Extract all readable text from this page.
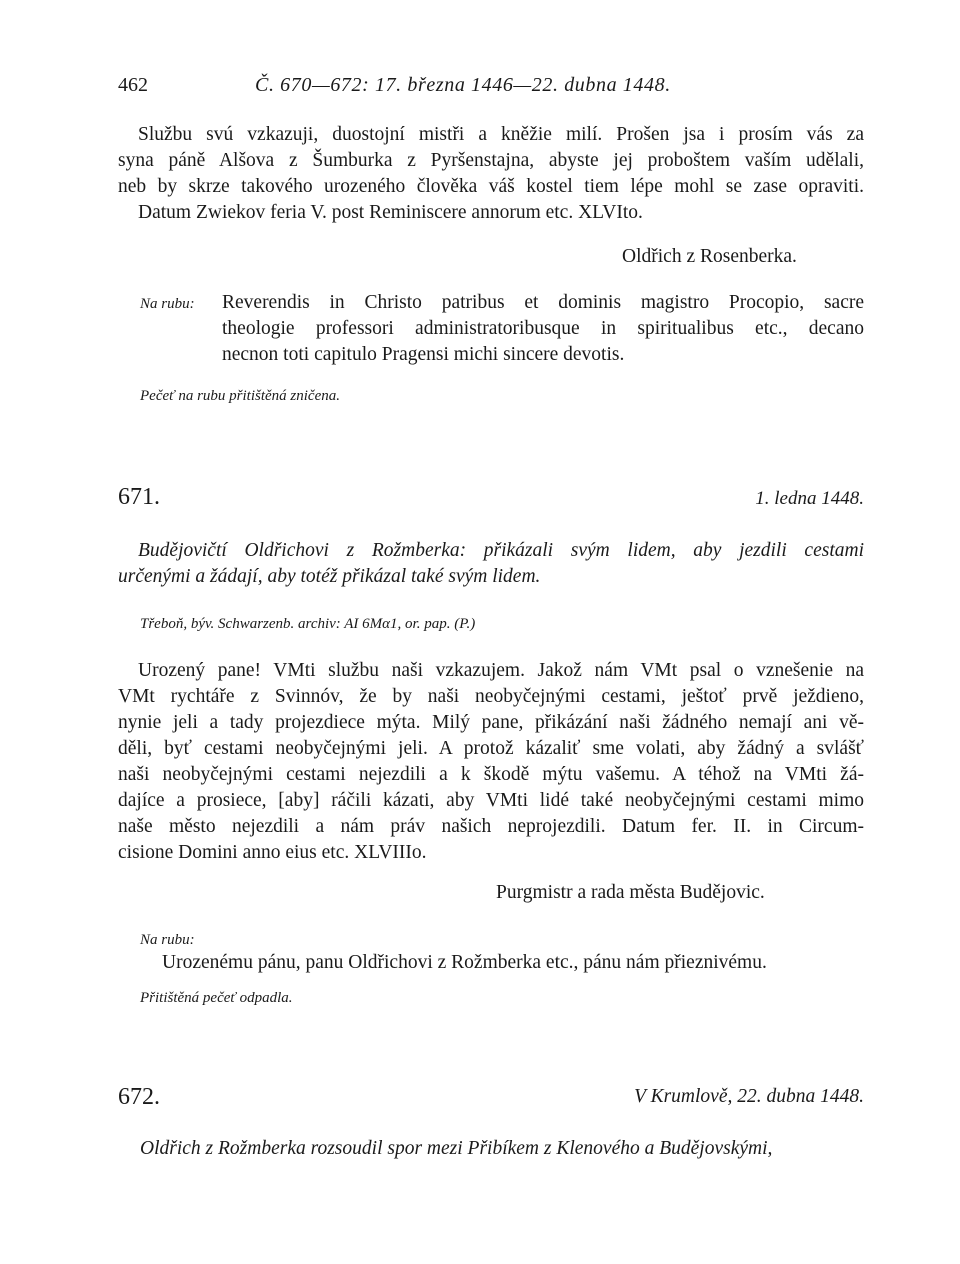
462	Č. 670—672: 17. března 1446—22. dubna 1448.
Službu svú vzkazuji, duostojní mistři a kněžie milí. Prošen jsa i prosím vás za
syna páně Alšova z Šumburka z Pyršenstajna, abyste jej proboštem vaším udělali,
neb by skrze takového urozeného člověka váš kostel tiem lépe mohl se zase opraviti.
Datum Zwiekov feria V. post Reminiscere annorum etc. XLVIto.
Oldřich z Rosenberka.
Na rubu: Reverendis in Christo patribus et dominis magistro Procopio, sacre
theologie professori administratoribusque in spiritualibus etc., decano
necnon toti capitulo Pragensi michi sincere devotis.
Pečeť na rubu přitištěná zničena.
671.	1. ledna 1448.
Budějovičtí Oldřichovi z Rožmberka: přikázali svým lidem, aby jezdili cestami
určenými a žádají, aby totéž přikázal také svým lidem.
Třeboň, býv. Schwarzenb. archiv: AI 6Mα1, or. pap. (P.)
Urozený pane! VMti službu naši vzkazujem. Jakož nám VMt psal o vznešenie na
VMt rychtáře z Svinnóv, že by naši neobyčejnými cestami, ještoť prvě ježdieno,
nynie jeli a tady projezdiece mýta. Milý pane, přikázání naši žádného nemají ani vě-
děli, byť cestami neobyčejnými jeli. A protož kázaliť sme volati, aby žádný a svlášť
naši neobyčejnými cestami nejezdili a k škodě mýtu vašemu. A téhož na VMti žá-
dajíce a prosiece, [aby] ráčili kázati, aby VMti lidé také neobyčejnými cestami mimo
naše město nejezdili a nám práv našich neprojezdili. Datum fer. II. in Circum-
cisione Domini anno eius etc. XLVIIIo.
Purgmistr a rada města Budějovic.
Na rubu:
Urozenému pánu, panu Oldřichovi z Rožmberka etc., pánu nám přieznivému.
Přitištěná pečeť odpadla.
672.	V Krumlově, 22. dubna 1448.
Oldřich z Rožmberka rozsoudil spor mezi Přibíkem z Klenového a Budějovskými,
